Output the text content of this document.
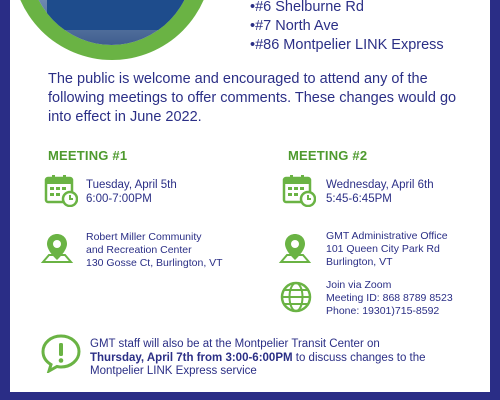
•#6 Shelburne Rd
•#7 North Ave
•#86 Montpelier LINK Express
The public is welcome and encouraged to attend any of the following meetings to offer comments. These changes would go into effect in June 2022.
MEETING #1	MEETING #2
Tuesday, April 5th
6:00-7:00PM
Robert Miller Community
and Recreation Center
130 Gosse Ct, Burlington, VT
Wednesday, April 6th
5:45-6:45PM
GMT Administrative Office
101 Queen City Park Rd
Burlington, VT
Join via Zoom
Meeting ID: 868 8789 8523
Phone: 19301)715-8592
GMT staff will also be at the Montpelier Transit Center on
Thursday, April 7th from 3:00-6:00PM to discuss changes to the Montpelier LINK Express service
